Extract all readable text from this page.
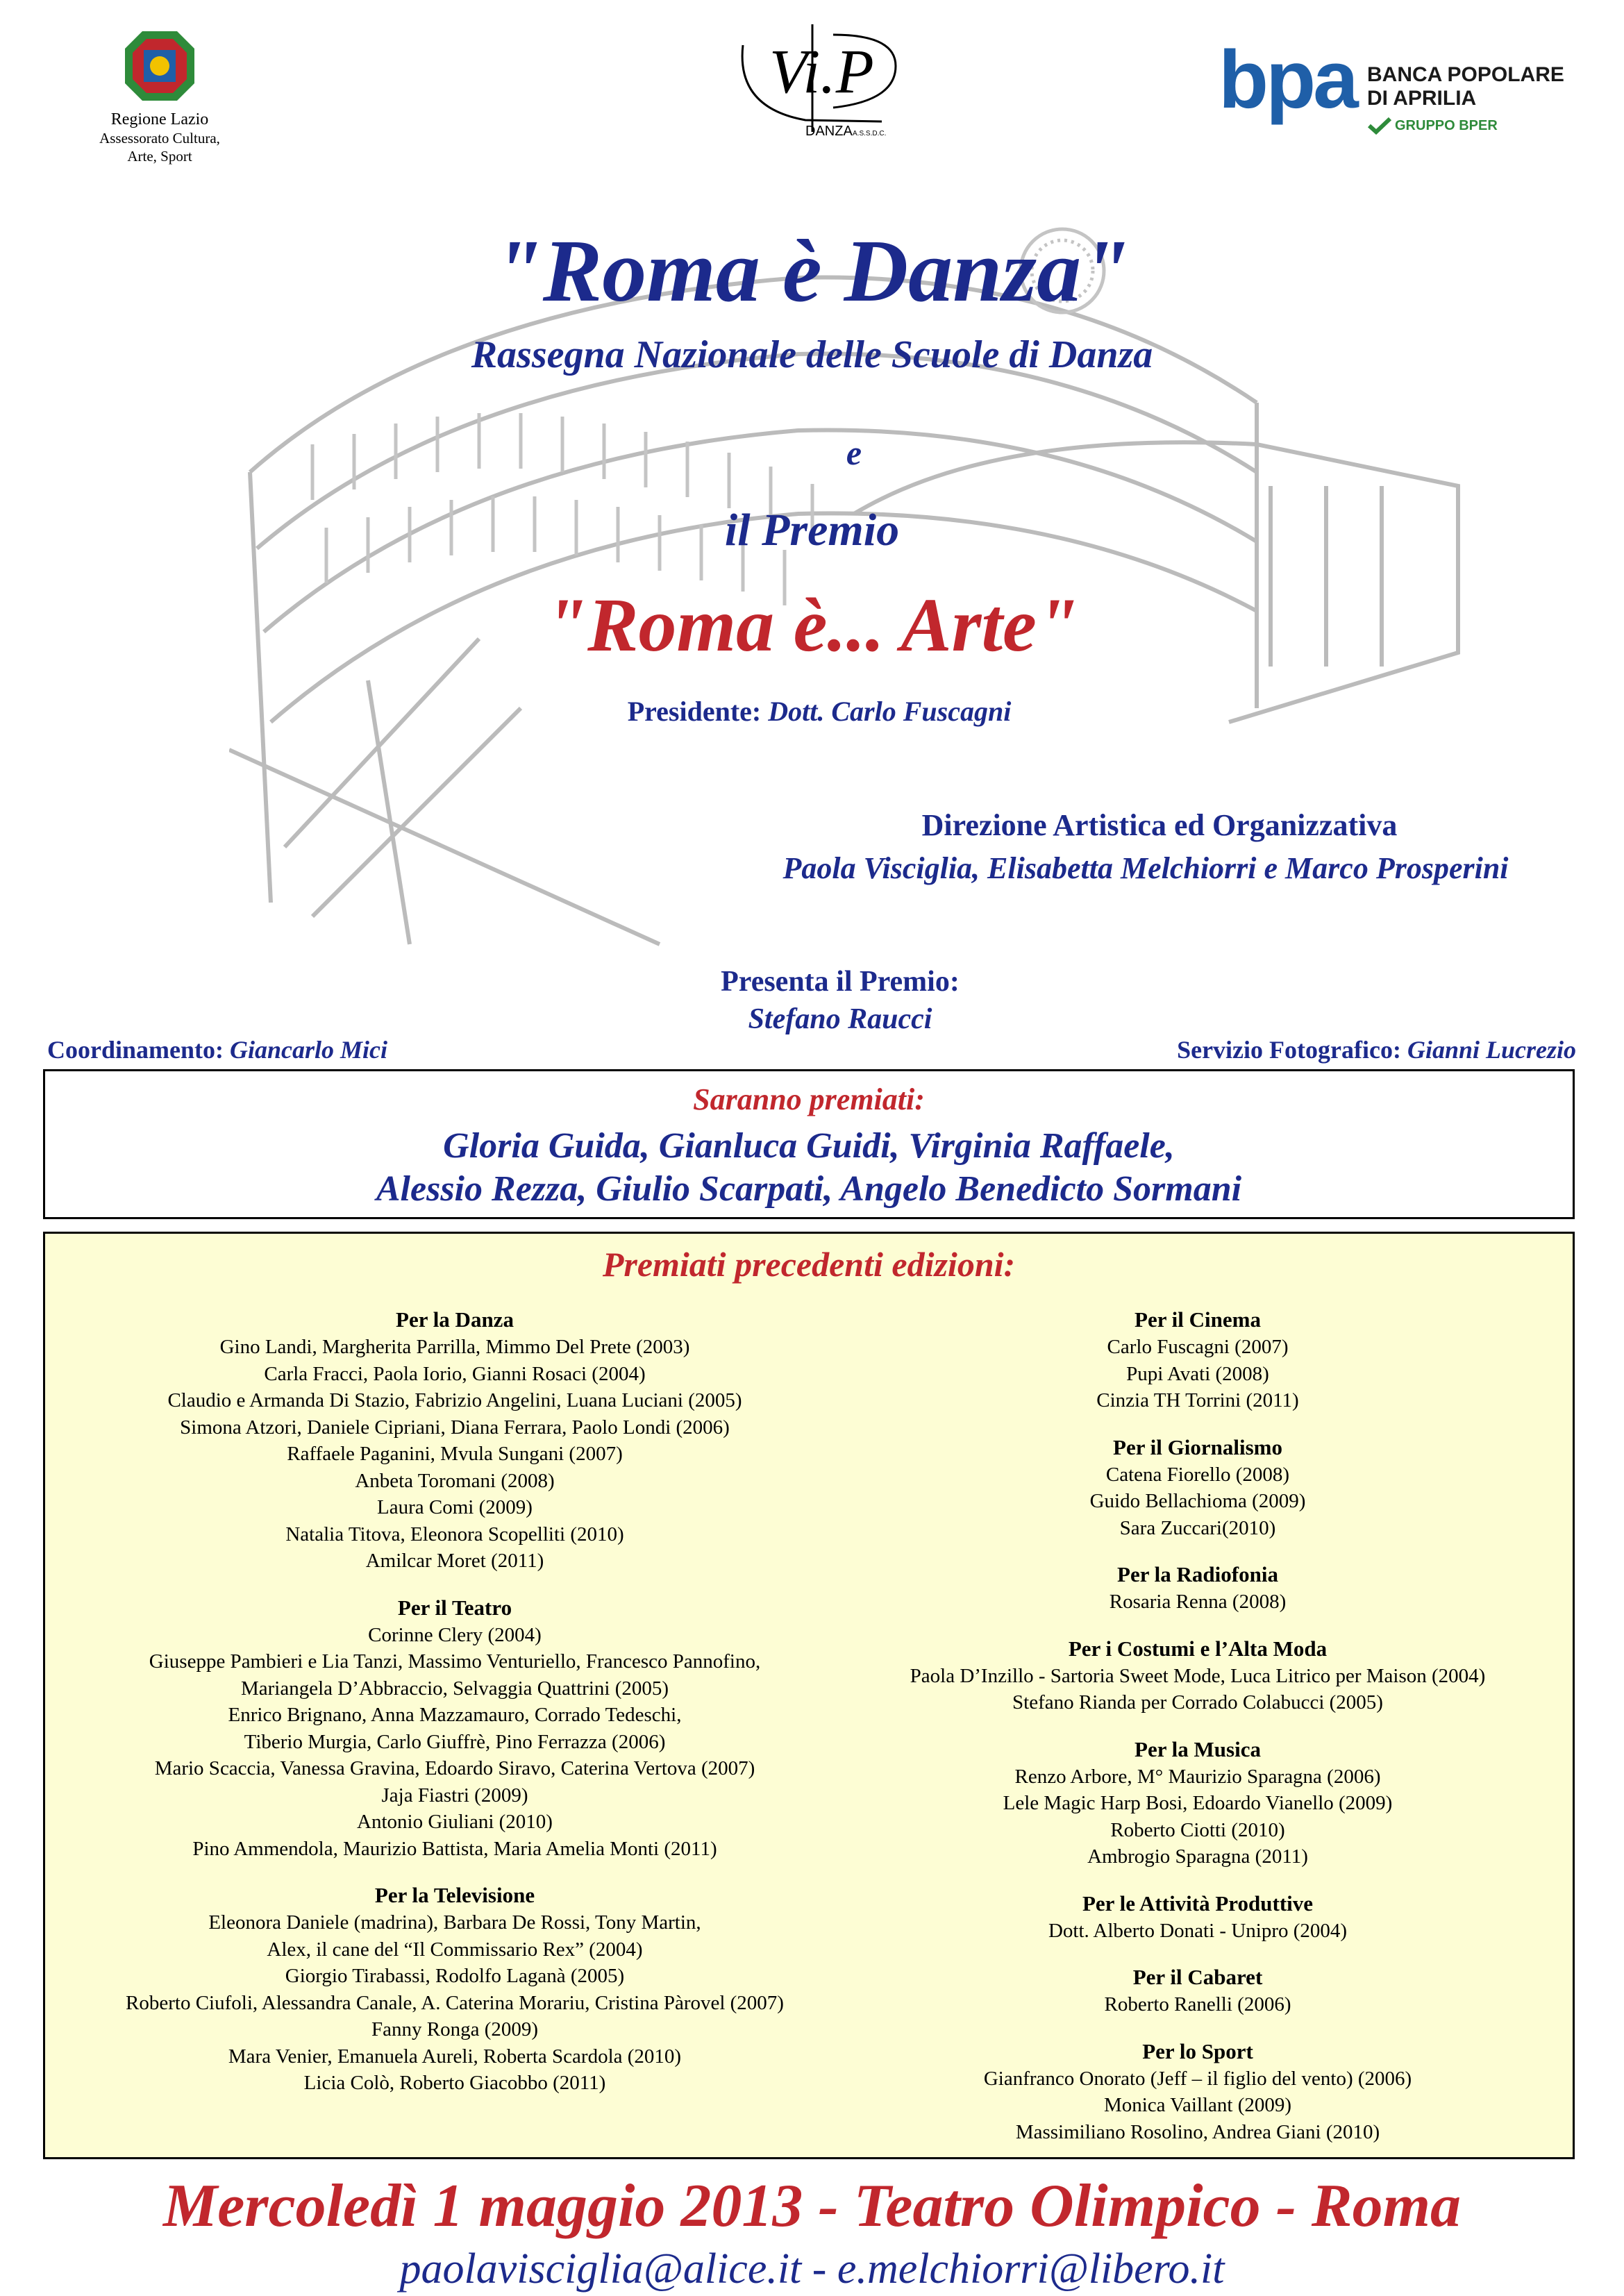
Regione Lazio
Assessorato Cultura,
Arte, Sport
Vi.P
DANZA A.S.S.D.C.
bpa BANCA POPOLARE
DI APRILIA
GRUPPO BPER
"Roma è Danza"
Rassegna Nazionale delle Scuole di Danza
e
il Premio
"Roma è... Arte"
Presidente: Dott. Carlo Fuscagni
Direzione Artistica ed Organizzativa
Paola Visciglia, Elisabetta Melchiorri e Marco Prosperini
Presenta il Premio:
Stefano Raucci
Coordinamento: Giancarlo Mici	Servizio Fotografico: Gianni Lucrezio
Saranno premiati:
Gloria Guida, Gianluca Guidi, Virginia Raffaele,
Alessio Rezza, Giulio Scarpati, Angelo Benedicto Sormani
Premiati precedenti edizioni:
Per la Danza
Gino Landi, Margherita Parrilla, Mimmo Del Prete (2003)
Carla Fracci, Paola Iorio, Gianni Rosaci (2004)
Claudio e Armanda Di Stazio, Fabrizio Angelini, Luana Luciani (2005)
Simona Atzori, Daniele Cipriani, Diana Ferrara, Paolo Londi (2006)
Raffaele Paganini, Mvula Sungani (2007)
Anbeta Toromani (2008)
Laura Comi (2009)
Natalia Titova, Eleonora Scopelliti (2010)
Amilcar Moret (2011)
Per il Teatro
Corinne Clery (2004)
Giuseppe Pambieri e Lia Tanzi, Massimo Venturiello, Francesco Pannofino,
Mariangela D’Abbraccio, Selvaggia Quattrini (2005)
Enrico Brignano, Anna Mazzamauro, Corrado Tedeschi,
Tiberio Murgia, Carlo Giuffrè, Pino Ferrazza (2006)
Mario Scaccia, Vanessa Gravina, Edoardo Siravo, Caterina Vertova (2007)
Jaja Fiastri (2009)
Antonio Giuliani (2010)
Pino Ammendola, Maurizio Battista, Maria Amelia Monti (2011)
Per la Televisione
Eleonora Daniele (madrina), Barbara De Rossi, Tony Martin,
Alex, il cane del “Il Commissario Rex” (2004)
Giorgio Tirabassi, Rodolfo Laganà (2005)
Roberto Ciufoli, Alessandra Canale, A. Caterina Morariu, Cristina Pàrovel (2007)
Fanny Ronga (2009)
Mara Venier, Emanuela Aureli, Roberta Scardola (2010)
Licia Colò, Roberto Giacobbo (2011)
Per il Cinema
Carlo Fuscagni (2007)
Pupi Avati (2008)
Cinzia TH Torrini (2011)
Per il Giornalismo
Catena Fiorello (2008)
Guido Bellachioma (2009)
Sara Zuccari(2010)
Per la Radiofonia
Rosaria Renna (2008)
Per i Costumi e l’Alta Moda
Paola D’Inzillo - Sartoria Sweet Mode, Luca Litrico per Maison (2004)
Stefano Rianda per Corrado Colabucci (2005)
Per la Musica
Renzo Arbore, M° Maurizio Sparagna (2006)
Lele Magic Harp Bosi, Edoardo Vianello (2009)
Roberto Ciotti (2010)
Ambrogio Sparagna (2011)
Per le Attività Produttive
Dott. Alberto Donati - Unipro (2004)
Per il Cabaret
Roberto Ranelli (2006)
Per lo Sport
Gianfranco Onorato (Jeff – il figlio del vento) (2006)
Monica Vaillant (2009)
Massimiliano Rosolino, Andrea Giani (2010)
Mercoledì 1 maggio 2013 - Teatro Olimpico - Roma
paolavisciglia@alice.it - e.melchiorri@libero.it
